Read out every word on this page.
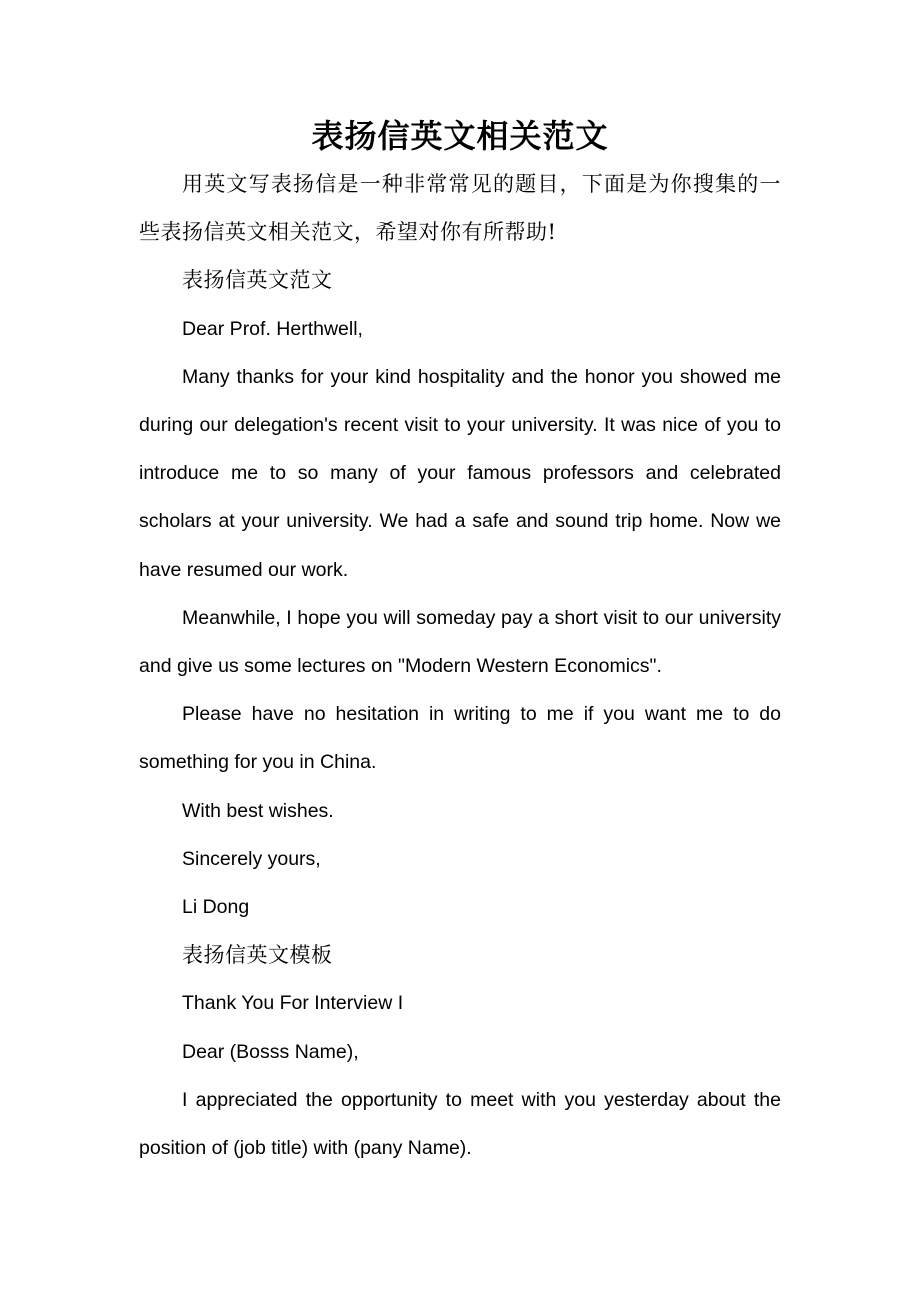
表扬信英文相关范文

用英文写表扬信是一种非常常见的题目，下面是为你搜集的一些表扬信英文相关范文，希望对你有所帮助!

表扬信英文范文

Dear Prof. Herthwell,

Many thanks for your kind hospitality and the honor you showed me during our delegation's recent visit to your university. It was nice of you to introduce me to so many of your famous professors and celebrated scholars at your university. We had a safe and sound trip home. Now we have resumed our work.

Meanwhile, I hope you will someday pay a short visit to our university and give us some lectures on "Modern Western Economics".

Please have no hesitation in writing to me if you want me to do something for you in China.

With best wishes.

Sincerely yours,

Li Dong

表扬信英文模板

Thank You For Interview I

Dear (Bosss Name),

I appreciated the opportunity to meet with you yesterday about the position of (job title) with (pany Name).
